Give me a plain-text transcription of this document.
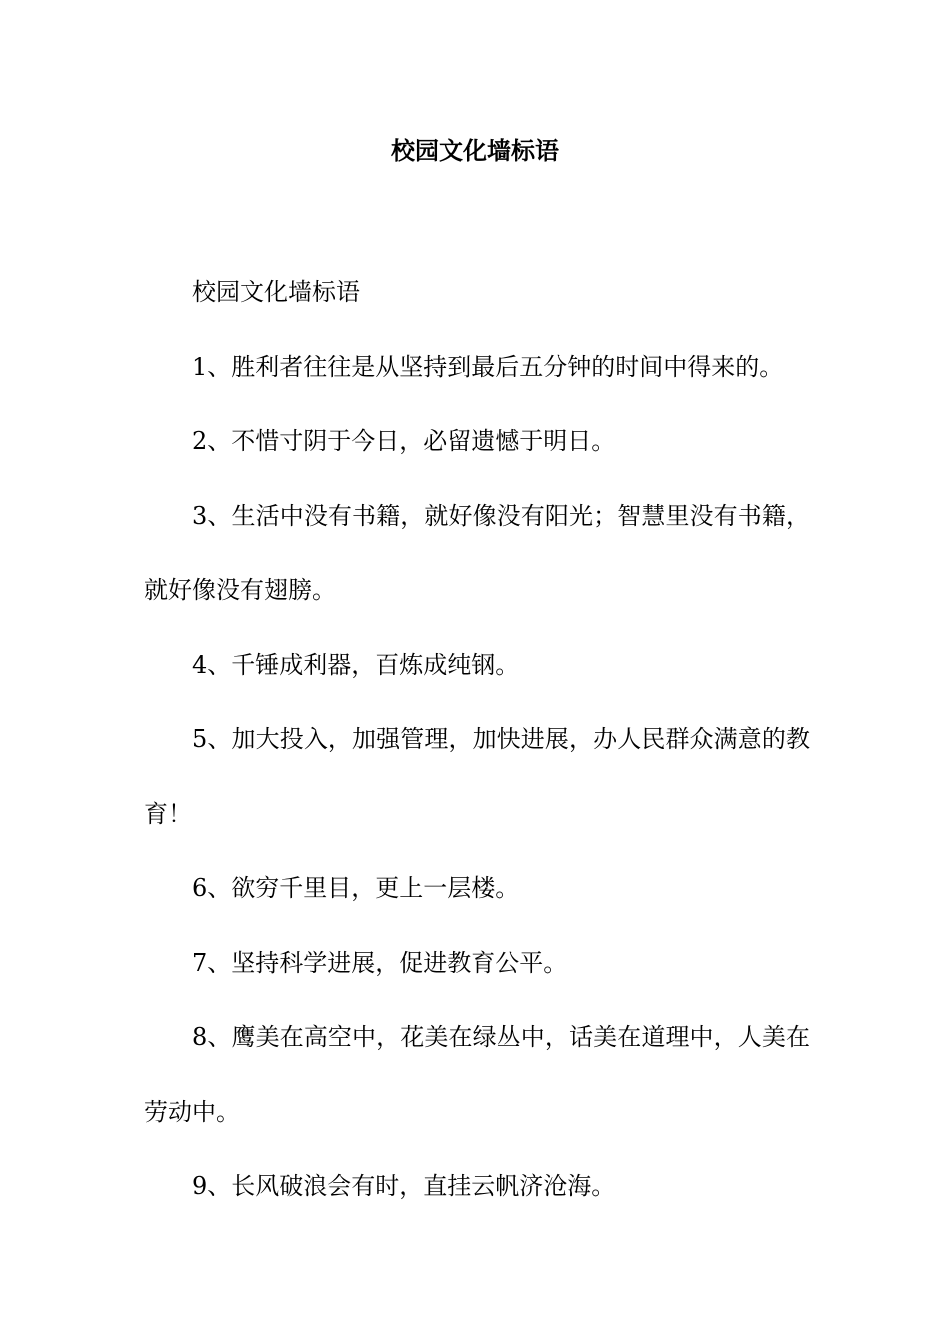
校园文化墙标语

校园文化墙标语

1、胜利者往往是从坚持到最后五分钟的时间中得来的。

2、不惜寸阴于今日，必留遗憾于明日。

3、生活中没有书籍，就好像没有阳光；智慧里没有书籍，就好像没有翅膀。

4、千锤成利器，百炼成纯钢。

5、加大投入，加强管理，加快进展，办人民群众满意的教育！

6、欲穷千里目，更上一层楼。

7、坚持科学进展，促进教育公平。

8、鹰美在高空中，花美在绿丛中，话美在道理中，人美在劳动中。

9、长风破浪会有时，直挂云帆济沧海。
